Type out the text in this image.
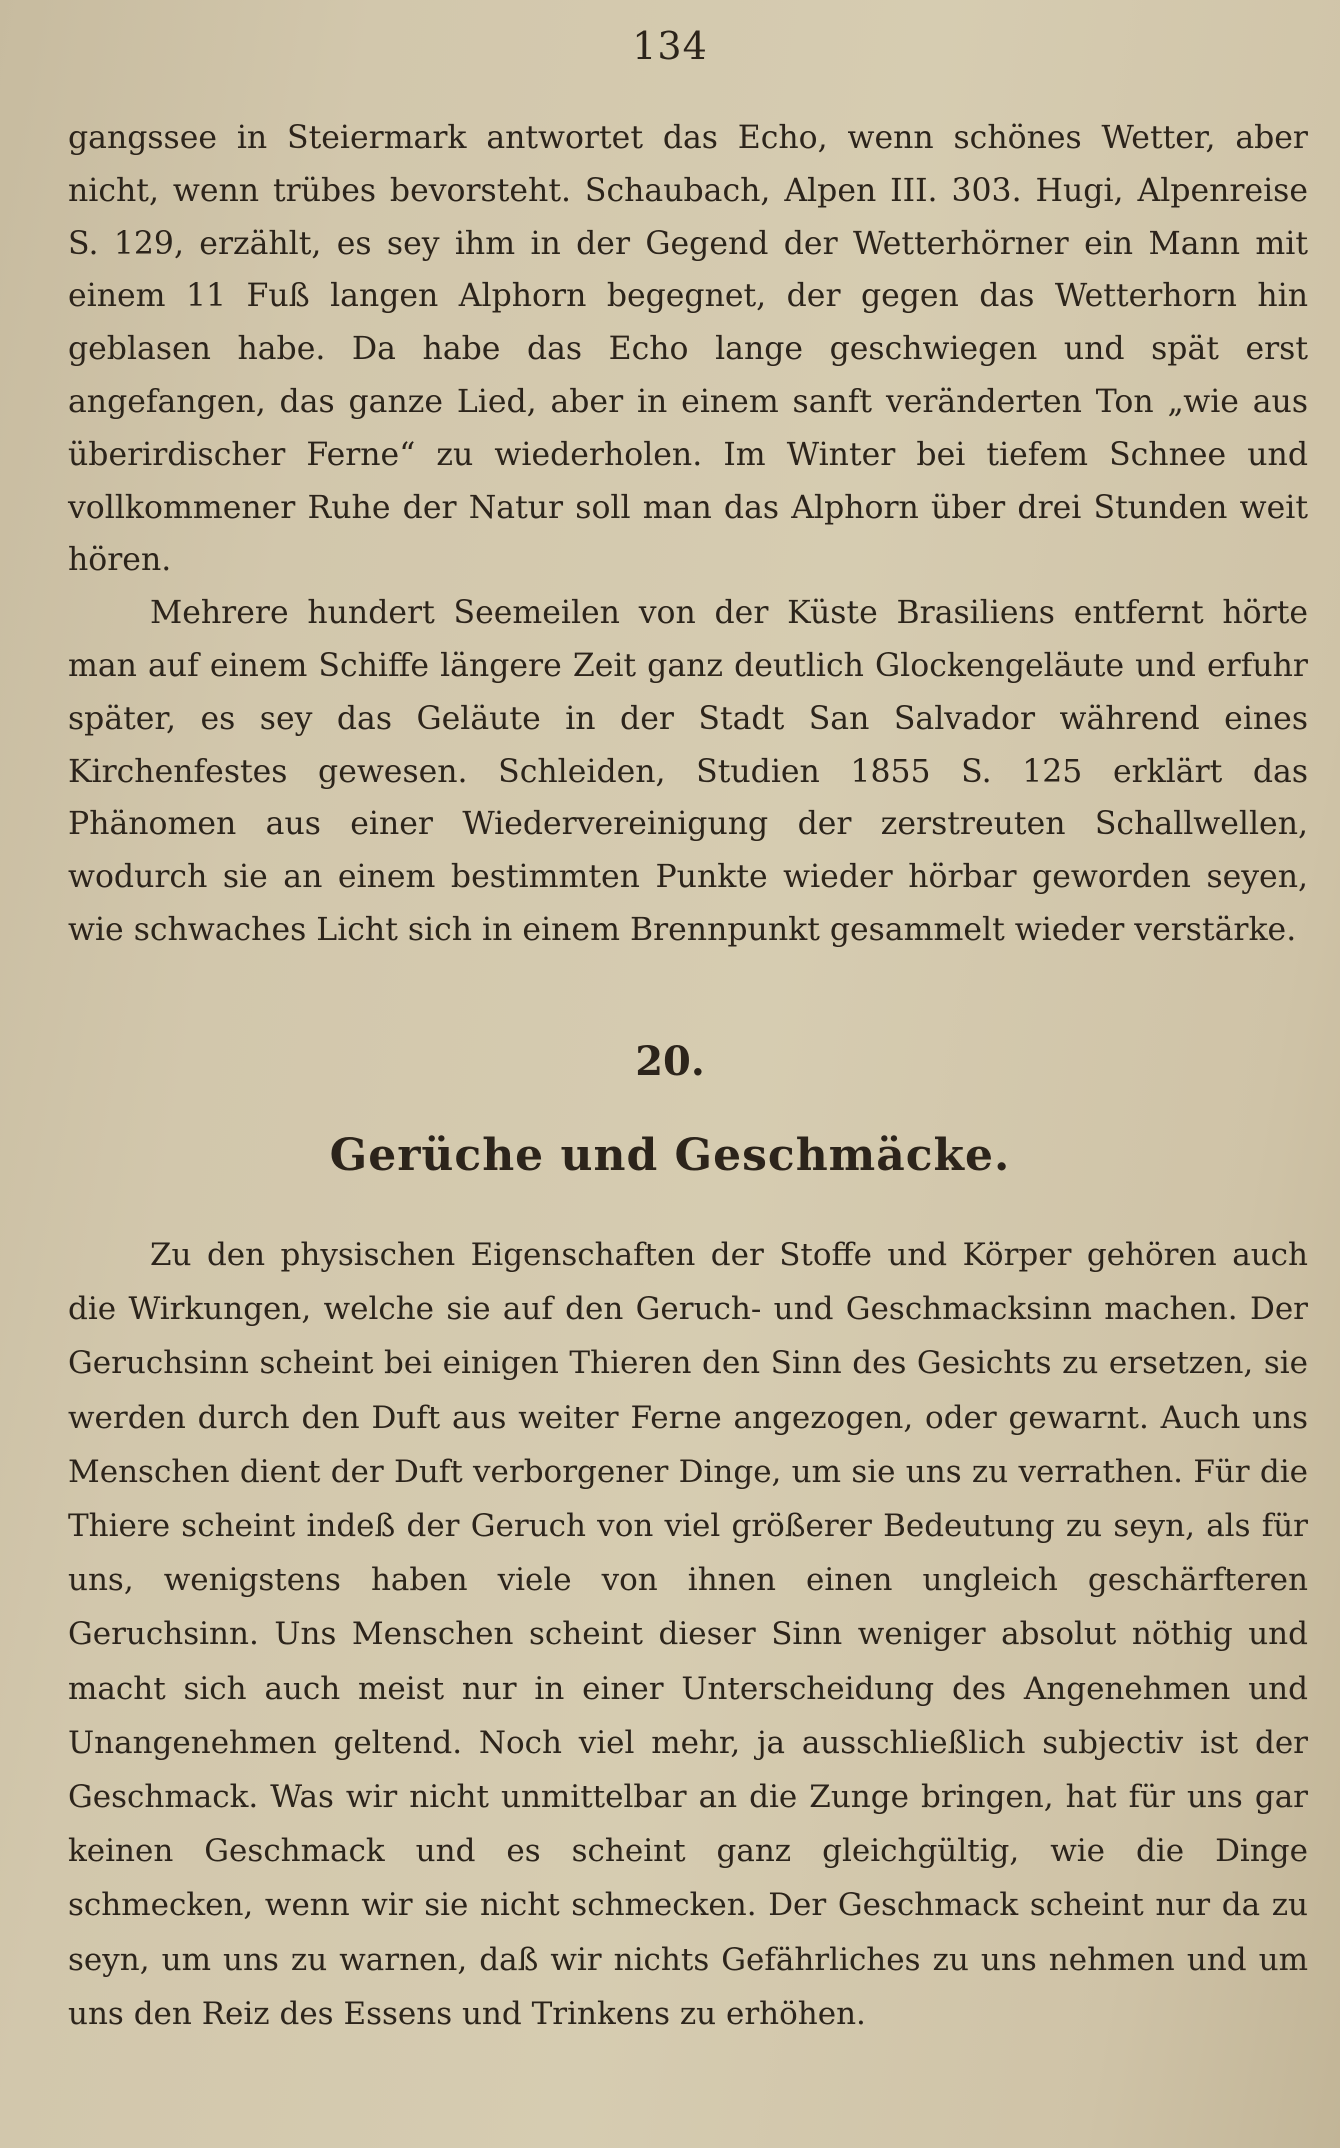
134

gangssee in Steiermark antwortet das Echo, wenn schönes Wetter, aber nicht, wenn trübes bevorsteht. Schaubach, Alpen III. 303. Hugi, Alpenreise S. 129, erzählt, es sey ihm in der Gegend der Wetterhörner ein Mann mit einem 11 Fuß langen Alphorn begegnet, der gegen das Wetterhorn hin geblasen habe. Da habe das Echo lange geschwiegen und spät erst angefangen, das ganze Lied, aber in einem sanft veränderten Ton „wie aus überirdischer Ferne“ zu wiederholen. Im Winter bei tiefem Schnee und vollkommener Ruhe der Natur soll man das Alphorn über drei Stunden weit hören.

Mehrere hundert Seemeilen von der Küste Brasiliens entfernt hörte man auf einem Schiffe längere Zeit ganz deutlich Glockengeläute und erfuhr später, es sey das Geläute in der Stadt San Salvador während eines Kirchenfestes gewesen. Schleiden, Studien 1855 S. 125 erklärt das Phänomen aus einer Wiedervereinigung der zerstreuten Schallwellen, wodurch sie an einem bestimmten Punkte wieder hörbar geworden seyen, wie schwaches Licht sich in einem Brennpunkt gesammelt wieder verstärke.

20.
Gerüche und Geschmäcke.

Zu den physischen Eigenschaften der Stoffe und Körper gehören auch die Wirkungen, welche sie auf den Geruch- und Geschmacksinn machen. Der Geruchsinn scheint bei einigen Thieren den Sinn des Gesichts zu ersetzen, sie werden durch den Duft aus weiter Ferne angezogen, oder gewarnt. Auch uns Menschen dient der Duft verborgener Dinge, um sie uns zu verrathen. Für die Thiere scheint indeß der Geruch von viel größerer Bedeutung zu seyn, als für uns, wenigstens haben viele von ihnen einen ungleich geschärfteren Geruchsinn. Uns Menschen scheint dieser Sinn weniger absolut nöthig und macht sich auch meist nur in einer Unterscheidung des Angenehmen und Unangenehmen geltend. Noch viel mehr, ja ausschließlich subjectiv ist der Geschmack. Was wir nicht unmittelbar an die Zunge bringen, hat für uns gar keinen Geschmack und es scheint ganz gleichgültig, wie die Dinge schmecken, wenn wir sie nicht schmecken. Der Geschmack scheint nur da zu seyn, um uns zu warnen, daß wir nichts Gefährliches zu uns nehmen und um uns den Reiz des Essens und Trinkens zu erhöhen.
